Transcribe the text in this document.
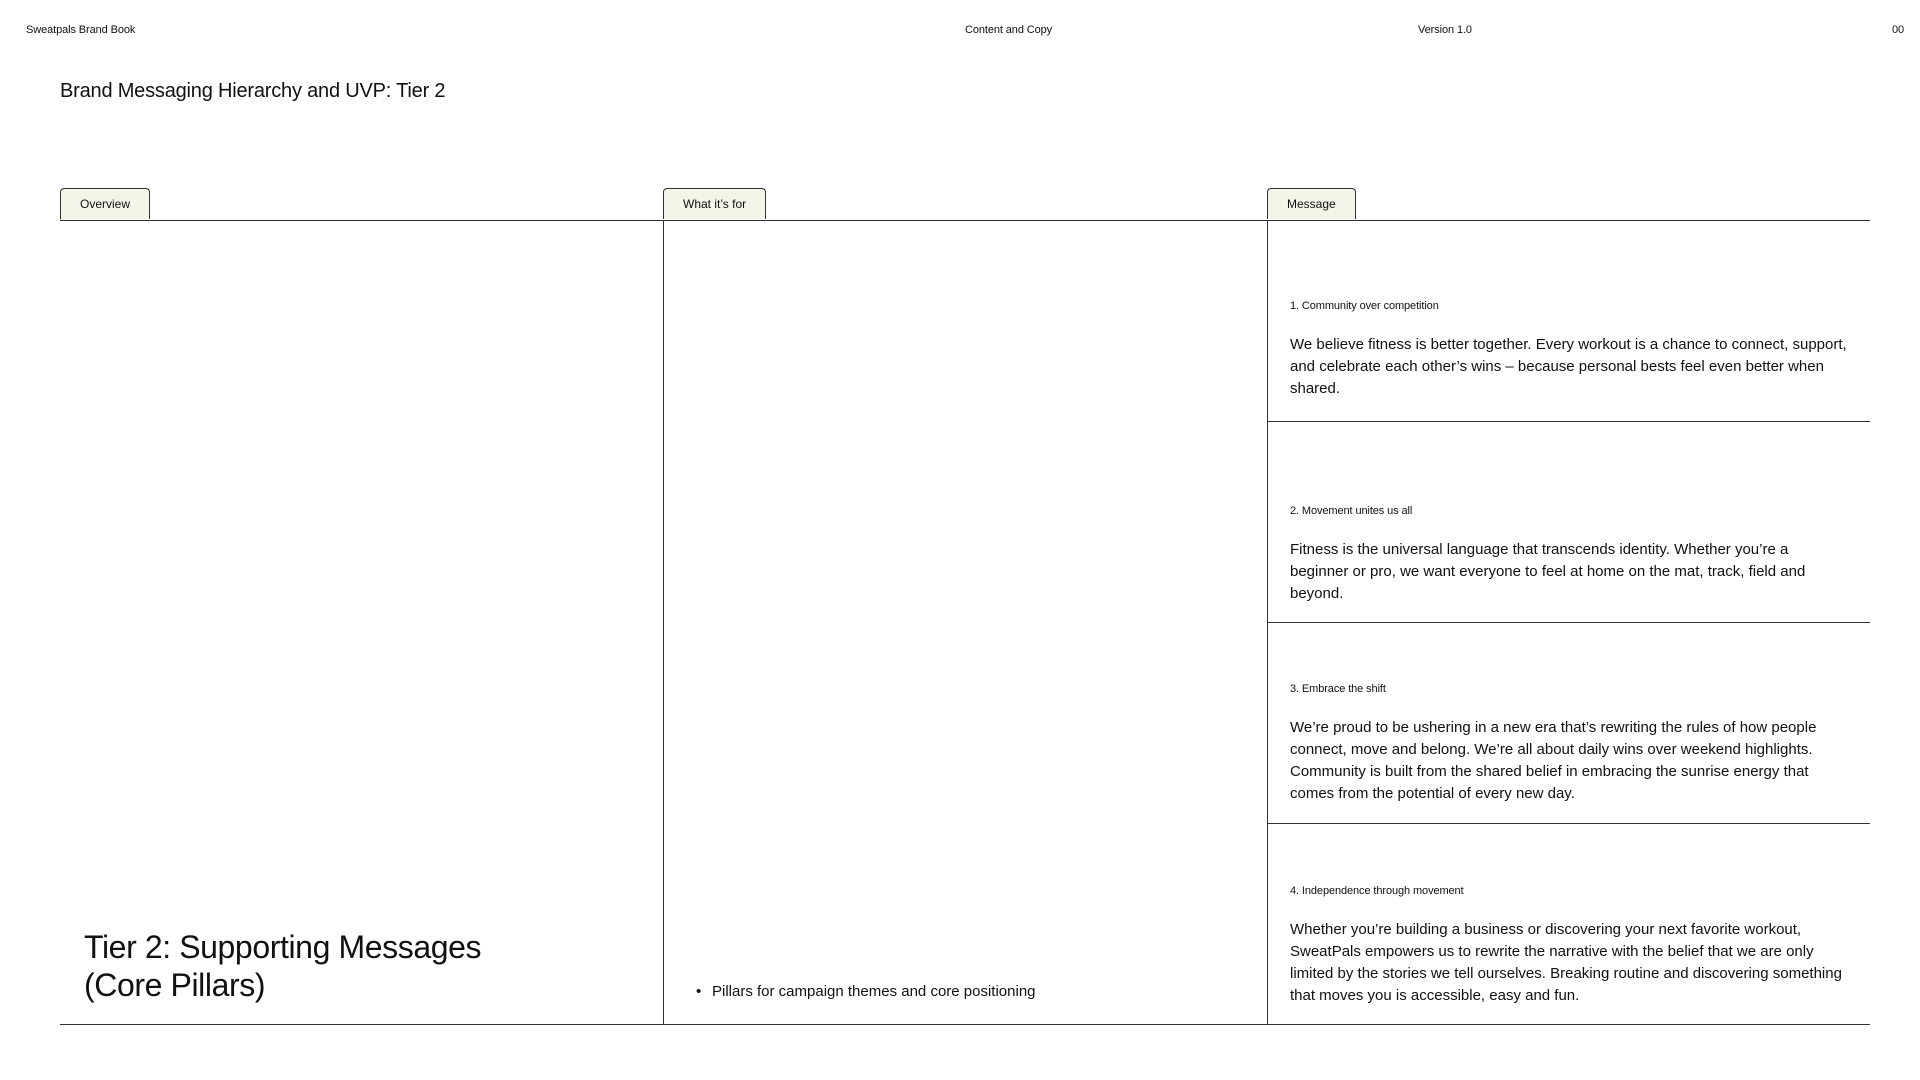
Sweatpals Brand Book	Content and Copy	Version 1.0	00
Brand Messaging Hierarchy and UVP: Tier 2
Overview	What it’s for	Message
Tier 2: Supporting Messages
(Core Pillars)
•	Pillars for campaign themes and core positioning

1. Community over competition

We believe fitness is better together. Every workout is a chance to connect, support, and celebrate each other’s wins – because personal bests feel even better when shared.

2. Movement unites us all

Fitness is the universal language that transcends identity. Whether you’re a beginner or pro, we want everyone to feel at home on the mat, track, field and beyond.

3. Embrace the shift

We’re proud to be ushering in a new era that’s rewriting the rules of how people connect, move and belong. We’re all about daily wins over weekend highlights. Community is built from the shared belief in embracing the sunrise energy that comes from the potential of every new day.

4. Independence through movement

Whether you’re building a business or discovering your next favorite workout, SweatPals empowers us to rewrite the narrative with the belief that we are only limited by the stories we tell ourselves. Breaking routine and discovering something that moves you is accessible, easy and fun.
